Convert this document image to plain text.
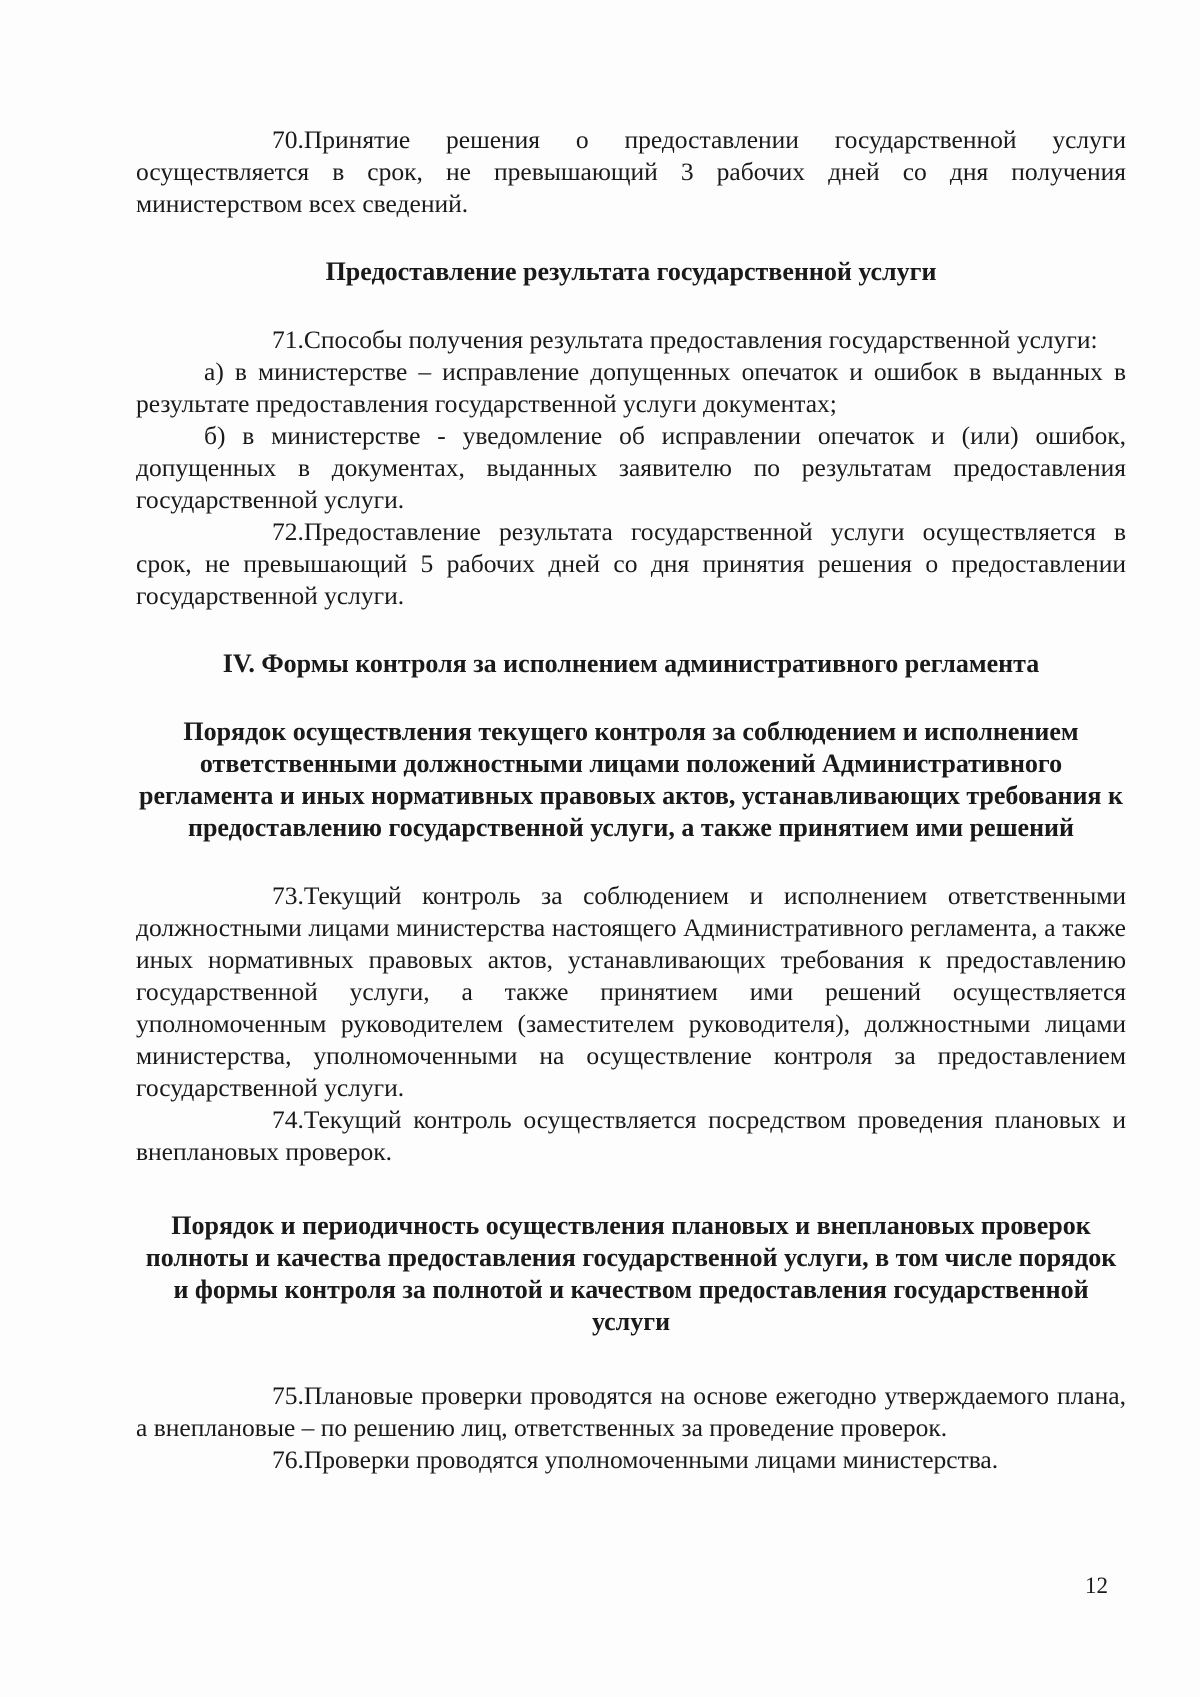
70.Принятие решения о предоставлении государственной услуги осуществляется в срок, не превышающий 3 рабочих дней со дня получения министерством всех сведений.

Предоставление результата государственной услуги

71.Способы получения результата предоставления государственной услуги:

а) в министерстве – исправление допущенных опечаток и ошибок в выданных в результате предоставления государственной услуги документах;

б) в министерстве - уведомление об исправлении опечаток и (или) ошибок, допущенных в документах, выданных заявителю по результатам предоставления государственной услуги.

72.Предоставление результата государственной услуги осуществляется в срок, не превышающий 5 рабочих дней со дня принятия решения о предоставлении государственной услуги.

IV. Формы контроля за исполнением административного регламента

Порядок осуществления текущего контроля за соблюдением и исполнением ответственными должностными лицами положений Административного регламента и иных нормативных правовых актов, устанавливающих требования к предоставлению государственной услуги, а также принятием ими решений

73.Текущий контроль за соблюдением и исполнением ответственными должностными лицами министерства настоящего Административного регламента, а также иных нормативных правовых актов, устанавливающих требования к предоставлению государственной услуги, а также принятием ими решений осуществляется уполномоченным руководителем (заместителем руководителя), должностными лицами министерства, уполномоченными на осуществление контроля за предоставлением государственной услуги.

74.Текущий контроль осуществляется посредством проведения плановых и внеплановых проверок.

Порядок и периодичность осуществления плановых и внеплановых проверок полноты и качества предоставления государственной услуги, в том числе порядок и формы контроля за полнотой и качеством предоставления государственной услуги

75.Плановые проверки проводятся на основе ежегодно утверждаемого плана, а внеплановые – по решению лиц, ответственных за проведение проверок.

76.Проверки проводятся уполномоченными лицами министерства.

12
